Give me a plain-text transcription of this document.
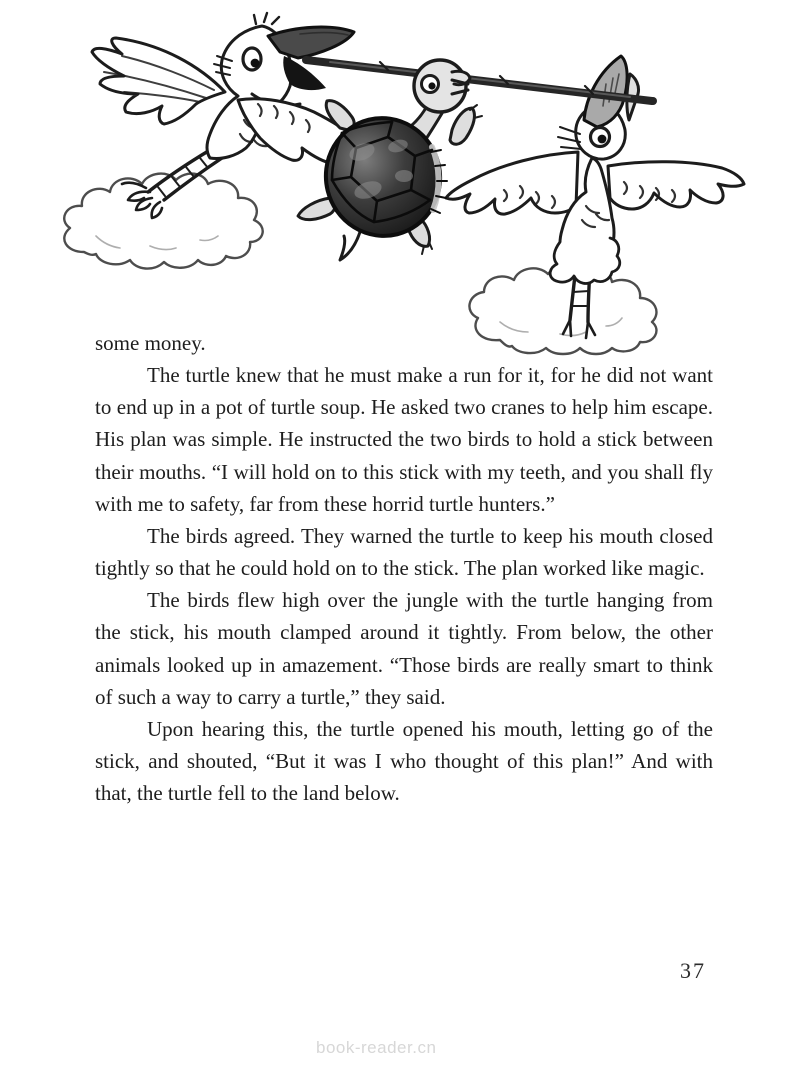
some money.

The turtle knew that he must make a run for it, for he did not want to end up in a pot of turtle soup. He asked two cranes to help him escape. His plan was simple. He instructed the two birds to hold a stick between their mouths. “I will hold on to this stick with my teeth, and you shall fly with me to safety, far from these horrid turtle hunters.”

The birds agreed. They warned the turtle to keep his mouth closed tightly so that he could hold on to the stick. The plan worked like magic.

The birds flew high over the jungle with the turtle hanging from the stick, his mouth clamped around it tightly. From below, the other animals looked up in amazement. “Those birds are really smart to think of such a way to carry a turtle,” they said.

Upon hearing this, the turtle opened his mouth, letting go of the stick, and shouted, “But it was I who thought of this plan!” And with that, the turtle fell to the land below.

37
book-reader.cn
